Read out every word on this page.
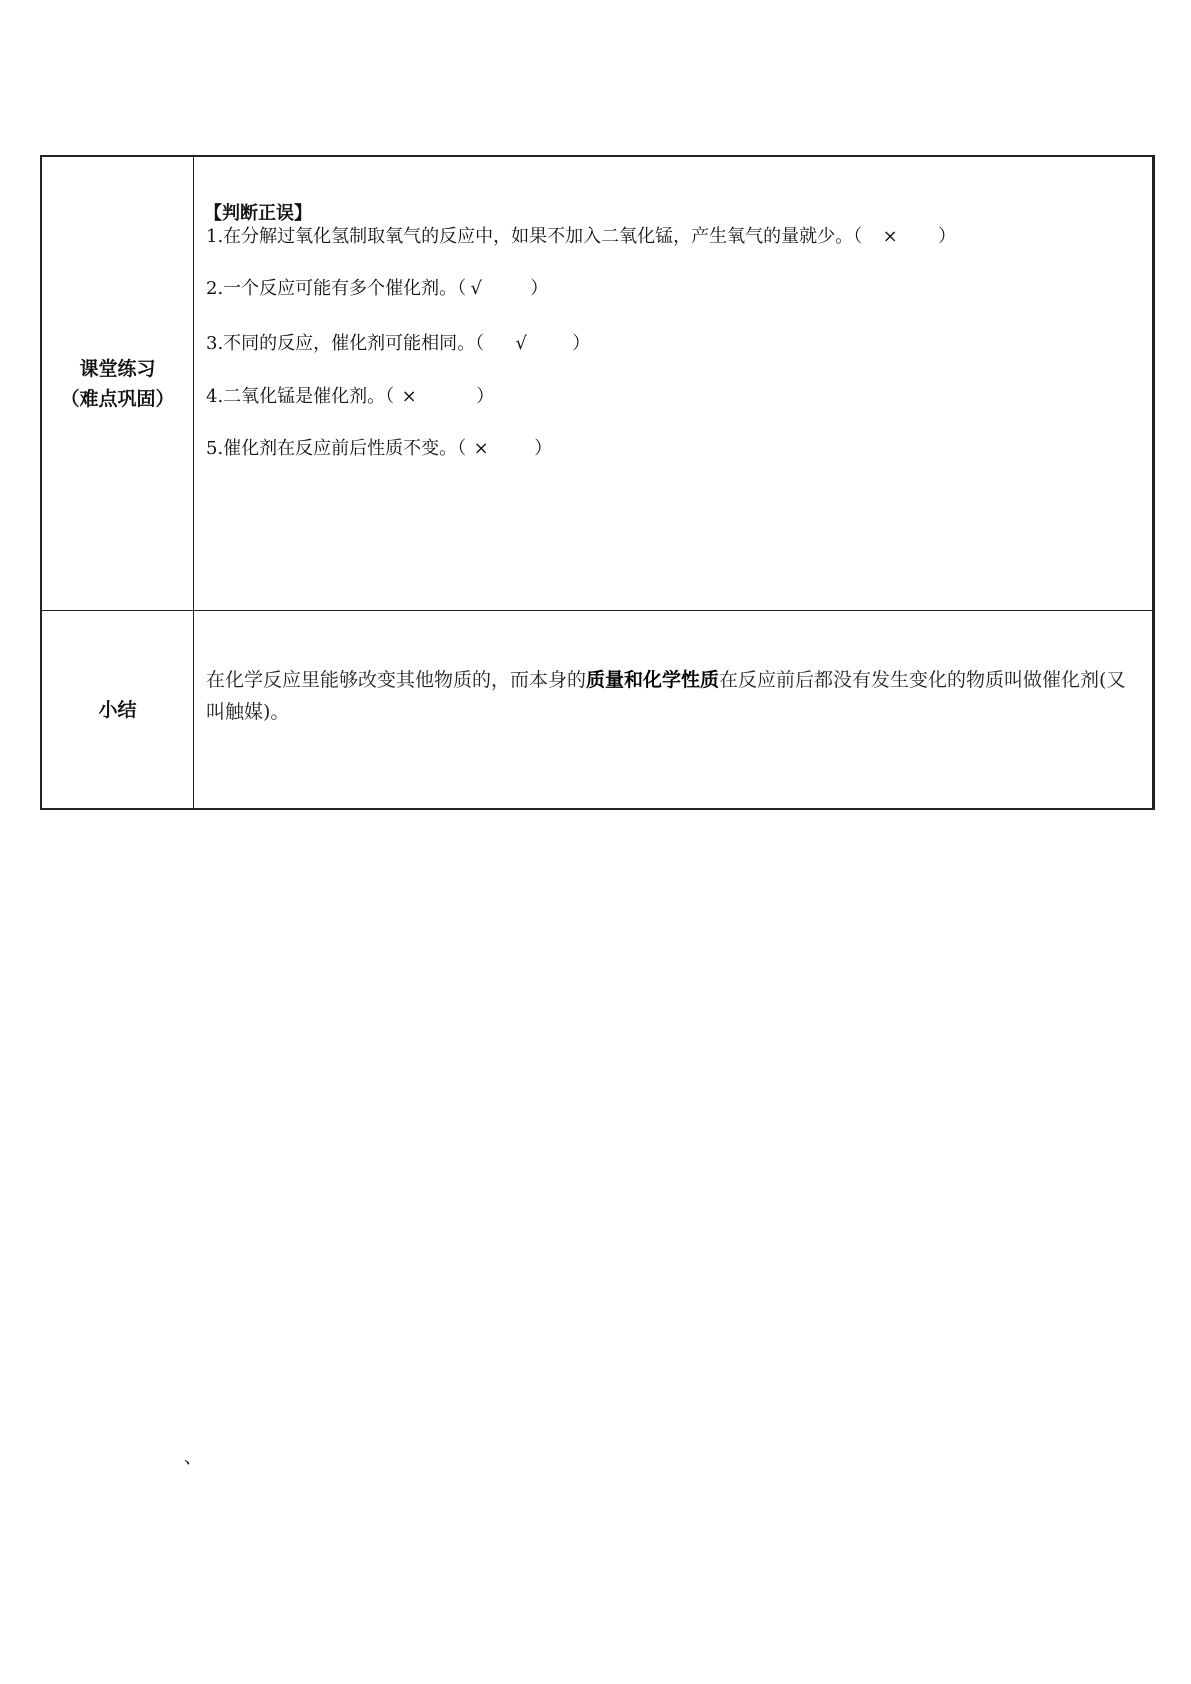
课堂练习
（难点巩固）
【判断正误】
1.在分解过氧化氢制取氧气的反应中，如果不加入二氧化锰，产生氧气的量就少。（ × ）
2.一个反应可能有多个催化剂。（ √	）
3.不同的反应，催化剂可能相同。（ √	）
4.二氧化锰是催化剂。（ ×	）
5.催化剂在反应前后性质不变。（ ×	）
小结
在化学反应里能够改变其他物质的，而本身的质量和化学性质在反应前后都没有发生变化的物质叫做催化剂(又叫触媒)。
、
